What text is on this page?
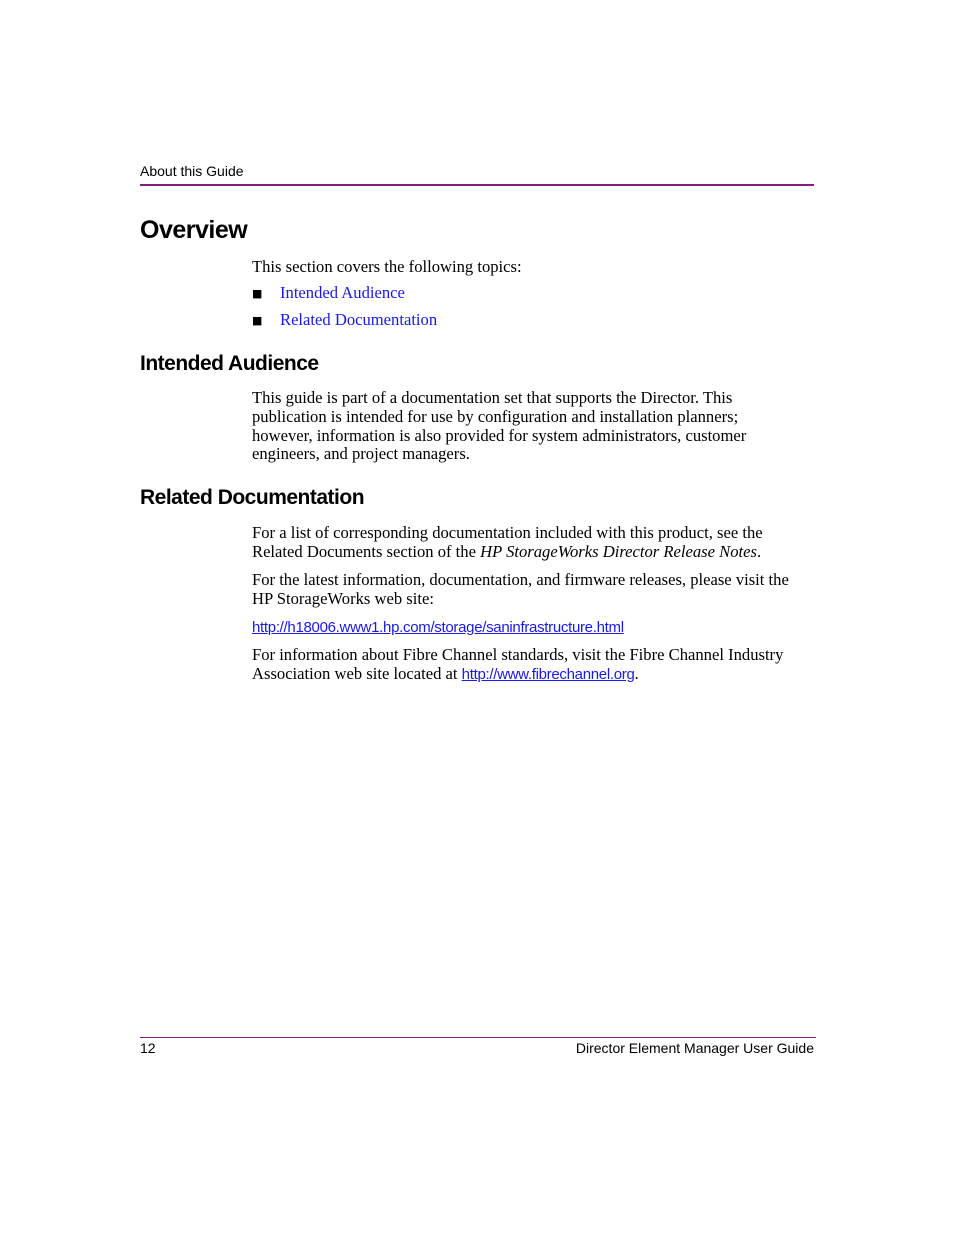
About this Guide
Overview

This section covers the following topics:

■ Intended Audience
■ Related Documentation
Intended Audience

This guide is part of a documentation set that supports the Director. This
publication is intended for use by configuration and installation planners;
however, information is also provided for system administrators, customer
engineers, and project managers.

Related Documentation

For a list of corresponding documentation included with this product, see the
Related Documents section of the HP StorageWorks Director Release Notes.

For the latest information, documentation, and firmware releases, please visit the
HP StorageWorks web site:

http://h18006.www1.hp.com/storage/saninfrastructure.html

For information about Fibre Channel standards, visit the Fibre Channel Industry
Association web site located at http://www.fibrechannel.org.

12	Director Element Manager User Guide
